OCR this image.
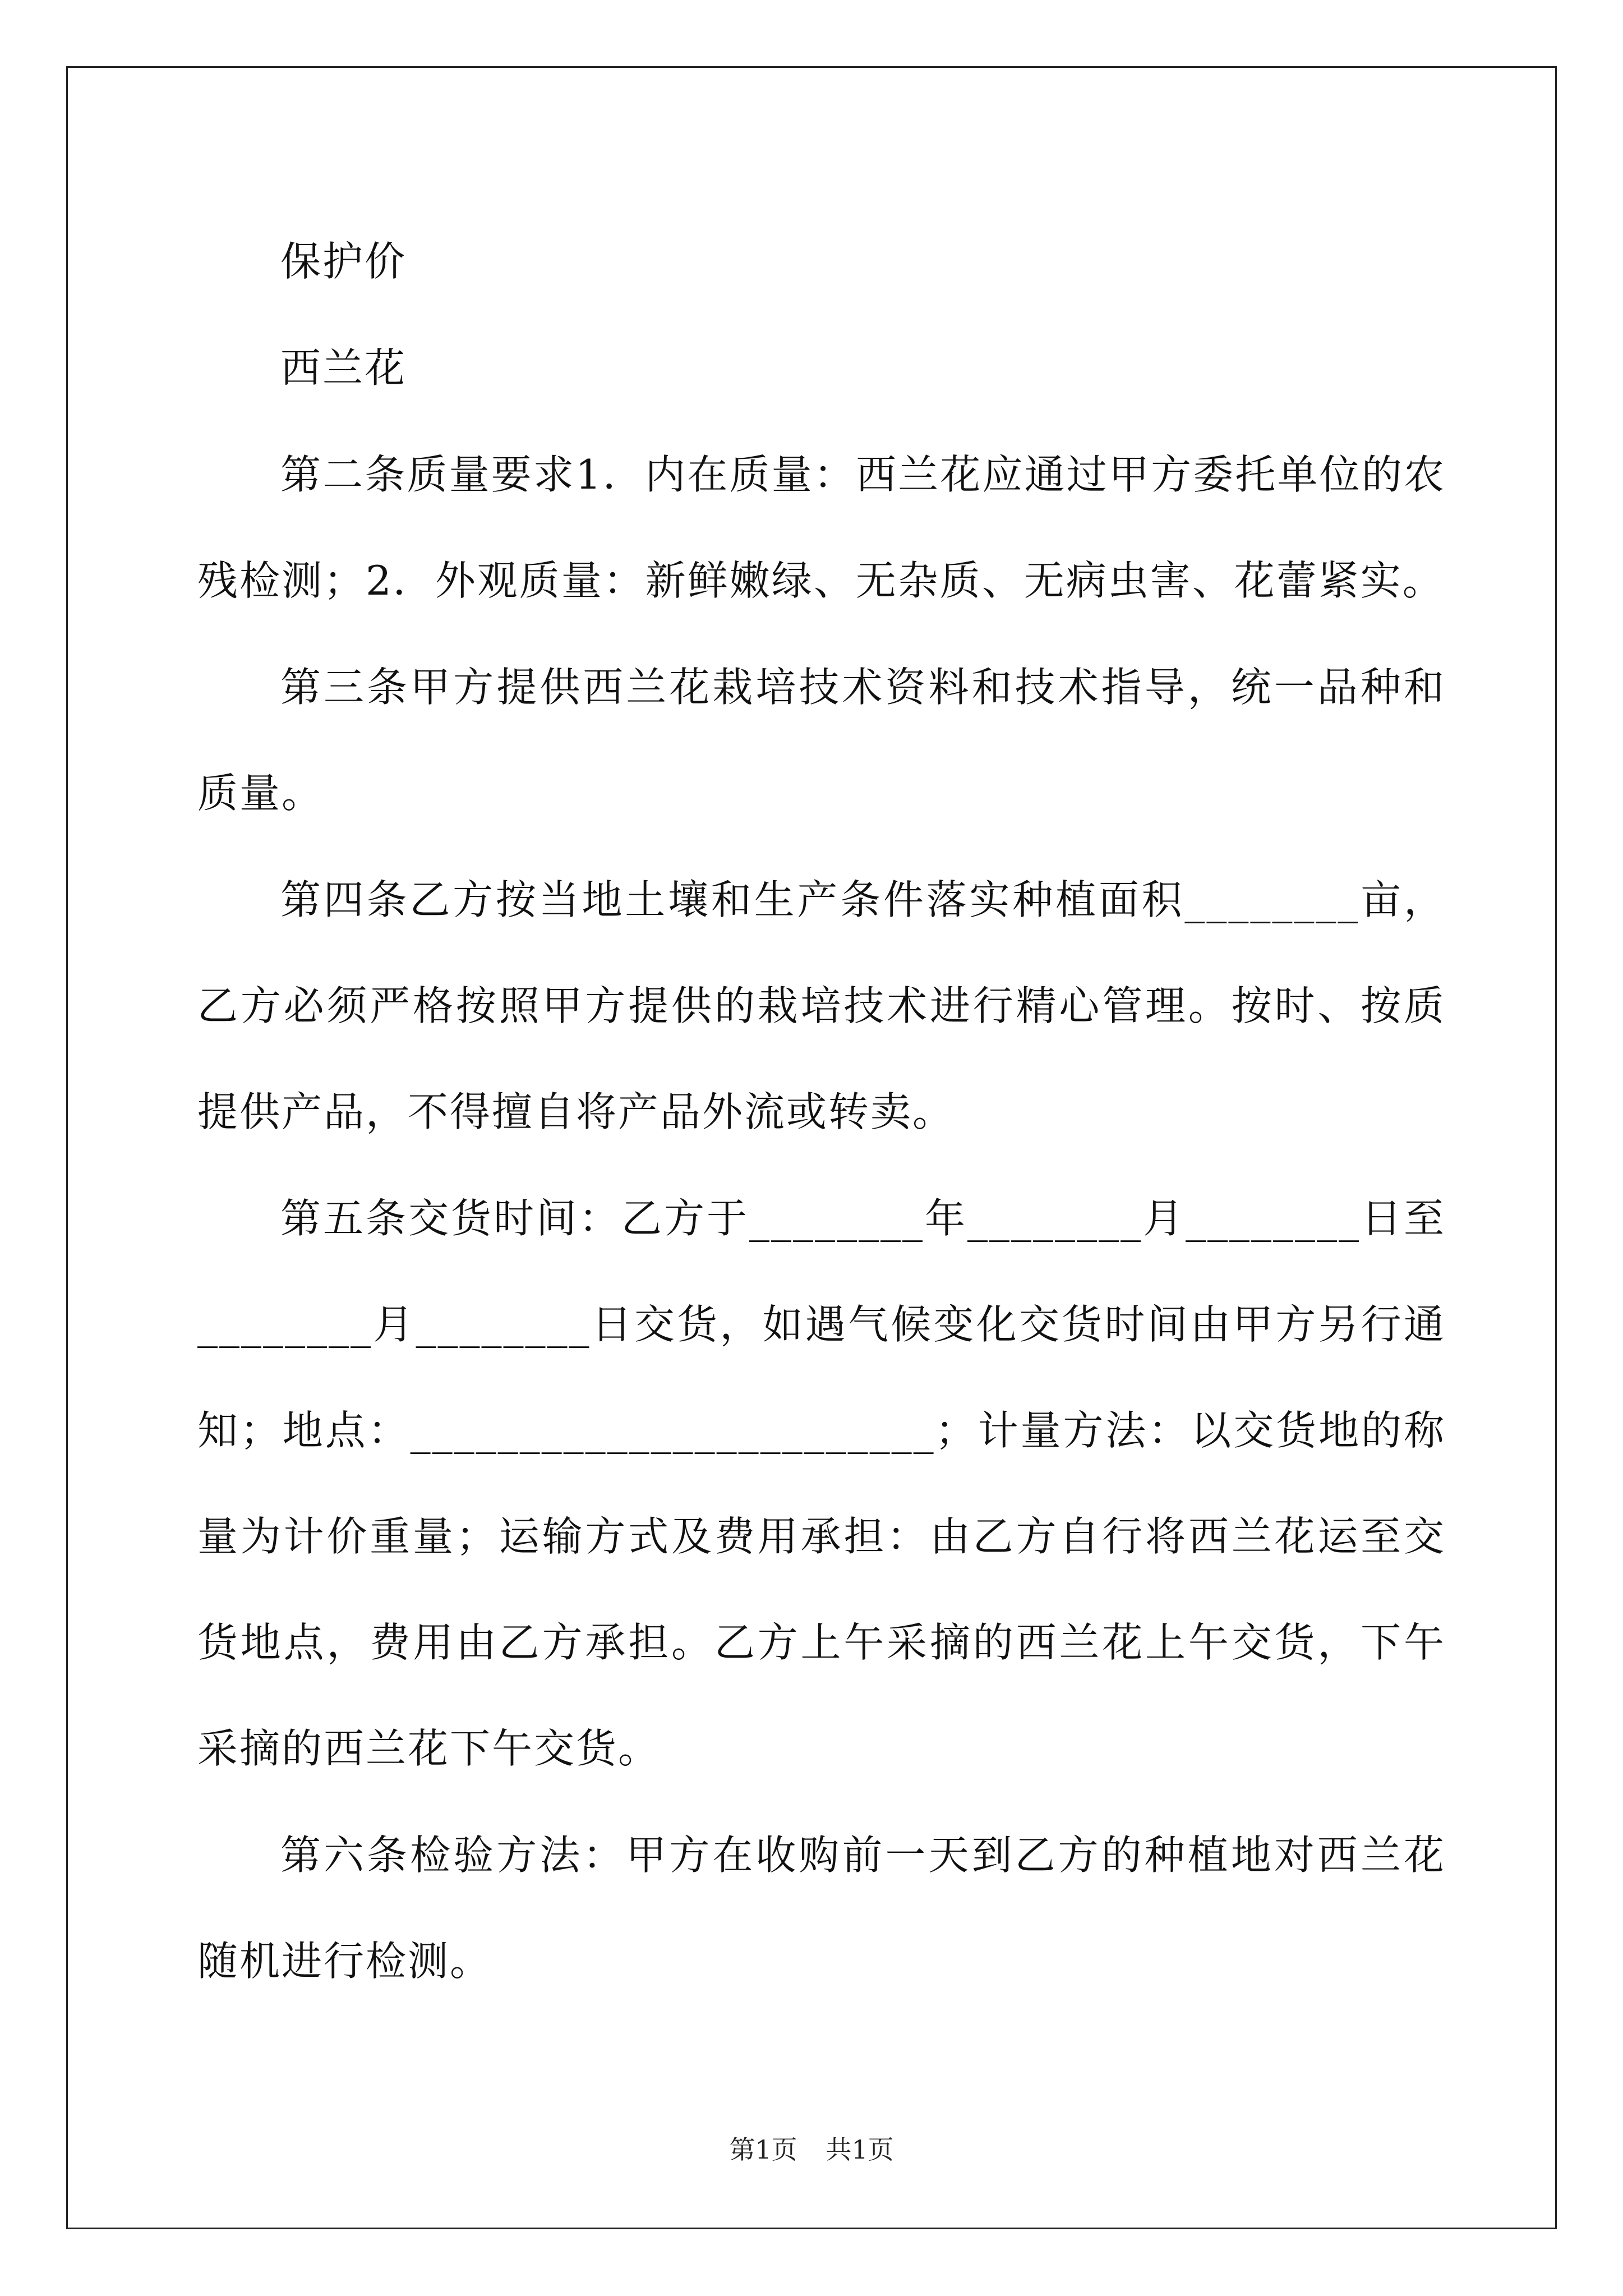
保护价

西兰花

第二条质量要求1．内在质量：西兰花应通过甲方委托单位的农残检测；2．外观质量：新鲜嫩绿、无杂质、无病虫害、花蕾紧实。

第三条甲方提供西兰花栽培技术资料和技术指导，统一品种和质量。

第四条乙方按当地土壤和生产条件落实种植面积________亩，乙方必须严格按照甲方提供的栽培技术进行精心管理。按时、按质提供产品，不得擅自将产品外流或转卖。

第五条交货时间：乙方于________年________月________日至________月________日交货，如遇气候变化交货时间由甲方另行通知；地点：________________________；计量方法：以交货地的称量为计价重量；运输方式及费用承担：由乙方自行将西兰花运至交货地点，费用由乙方承担。乙方上午采摘的西兰花上午交货，下午采摘的西兰花下午交货。

第六条检验方法：甲方在收购前一天到乙方的种植地对西兰花随机进行检测。

第1页 共1页
